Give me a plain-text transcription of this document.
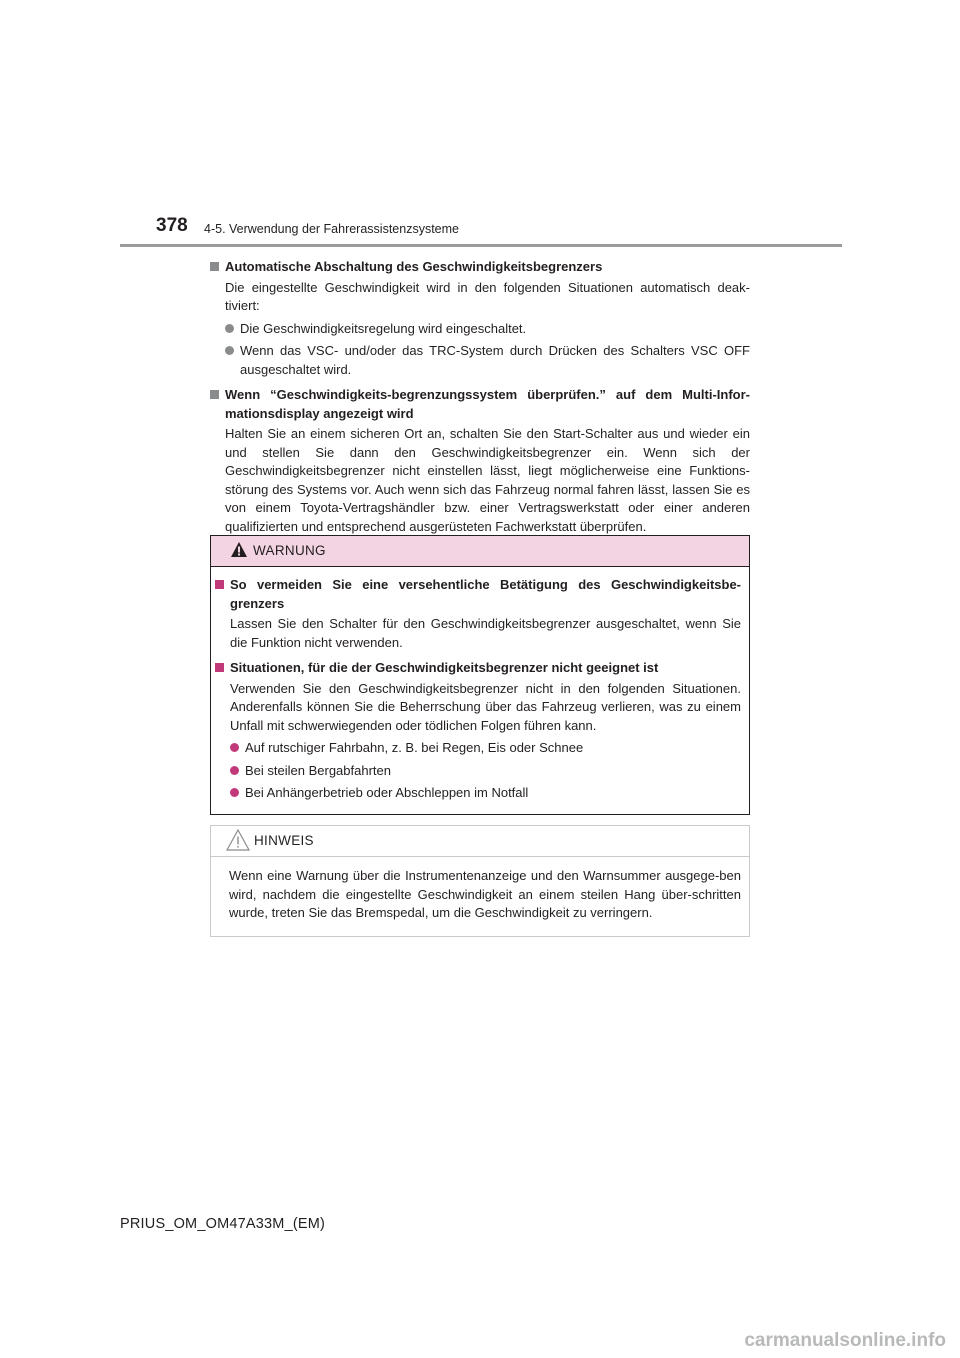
378 4-5. Verwendung der Fahrerassistenzsysteme
Automatische Abschaltung des Geschwindigkeitsbegrenzers
Die eingestellte Geschwindigkeit wird in den folgenden Situationen automatisch deak-tiviert:
Die Geschwindigkeitsregelung wird eingeschaltet.
Wenn das VSC- und/oder das TRC-System durch Drücken des Schalters VSC OFF ausgeschaltet wird.
Wenn “Geschwindigkeits-begrenzungssystem überprüfen.” auf dem Multi-Infor-mationsdisplay angezeigt wird
Halten Sie an einem sicheren Ort an, schalten Sie den Start-Schalter aus und wieder ein und stellen Sie dann den Geschwindigkeitsbegrenzer ein. Wenn sich der Geschwindigkeitsbegrenzer nicht einstellen lässt, liegt möglicherweise eine Funktions-störung des Systems vor. Auch wenn sich das Fahrzeug normal fahren lässt, lassen Sie es von einem Toyota-Vertragshändler bzw. einer Vertragswerkstatt oder einer anderen qualifizierten und entsprechend ausgerüsteten Fachwerkstatt überprüfen.
WARNUNG
So vermeiden Sie eine versehentliche Betätigung des Geschwindigkeitsbe-grenzers
Lassen Sie den Schalter für den Geschwindigkeitsbegrenzer ausgeschaltet, wenn Sie die Funktion nicht verwenden.
Situationen, für die der Geschwindigkeitsbegrenzer nicht geeignet ist
Verwenden Sie den Geschwindigkeitsbegrenzer nicht in den folgenden Situationen. Anderenfalls können Sie die Beherrschung über das Fahrzeug verlieren, was zu einem Unfall mit schwerwiegenden oder tödlichen Folgen führen kann.
Auf rutschiger Fahrbahn, z. B. bei Regen, Eis oder Schnee
Bei steilen Bergabfahrten
Bei Anhängerbetrieb oder Abschleppen im Notfall
HINWEIS
Wenn eine Warnung über die Instrumentenanzeige und den Warnsummer ausgege-ben wird, nachdem die eingestellte Geschwindigkeit an einem steilen Hang über-schritten wurde, treten Sie das Bremspedal, um die Geschwindigkeit zu verringern.
PRIUS_OM_OM47A33M_(EM)
carmanualsonline.info
